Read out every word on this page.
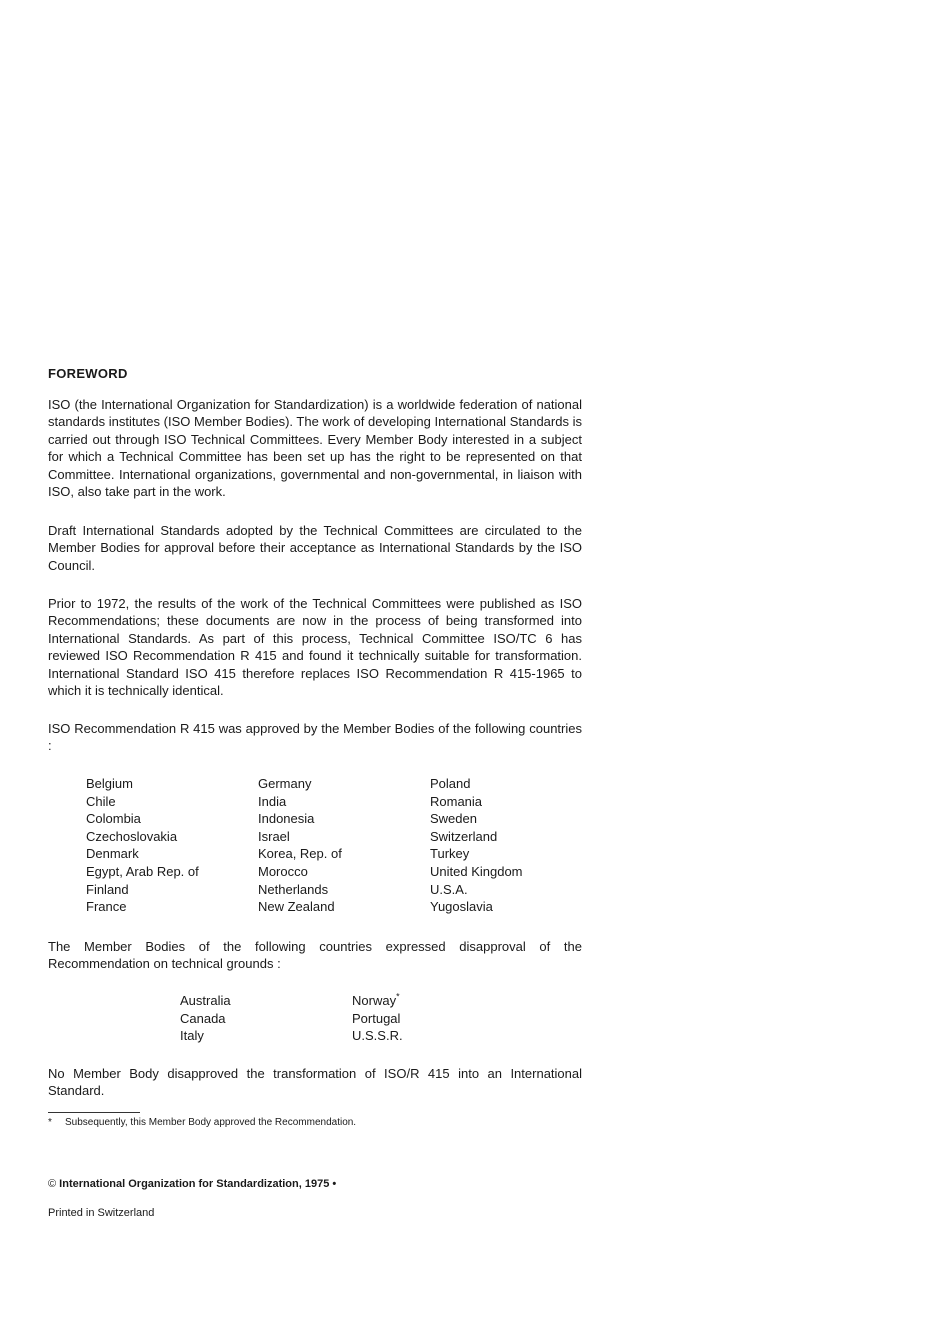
FOREWORD

ISO (the International Organization for Standardization) is a worldwide federation of national standards institutes (ISO Member Bodies). The work of developing International Standards is carried out through ISO Technical Committees. Every Member Body interested in a subject for which a Technical Committee has been set up has the right to be represented on that Committee. International organizations, governmental and non-governmental, in liaison with ISO, also take part in the work.

Draft International Standards adopted by the Technical Committees are circulated to the Member Bodies for approval before their acceptance as International Standards by the ISO Council.

Prior to 1972, the results of the work of the Technical Committees were published as ISO Recommendations; these documents are now in the process of being transformed into International Standards. As part of this process, Technical Committee ISO/TC 6 has reviewed ISO Recommendation R 415 and found it technically suitable for transformation. International Standard ISO 415 therefore replaces ISO Recommendation R 415-1965 to which it is technically identical.

ISO Recommendation R 415 was approved by the Member Bodies of the following countries :

Belgium
Chile
Colombia
Czechoslovakia
Denmark
Egypt, Arab Rep. of
Finland
France
Germany
India
Indonesia
Israel
Korea, Rep. of
Morocco
Netherlands
New Zealand
Poland
Romania
Sweden
Switzerland
Turkey
United Kingdom
U.S.A.
Yugoslavia

The Member Bodies of the following countries expressed disapproval of the Recommendation on technical grounds :

Australia
Canada
Italy
Norway*
Portugal
U.S.S.R.

No Member Body disapproved the transformation of ISO/R 415 into an International Standard.

* Subsequently, this Member Body approved the Recommendation.

© International Organization for Standardization, 1975 •

Printed in Switzerland
